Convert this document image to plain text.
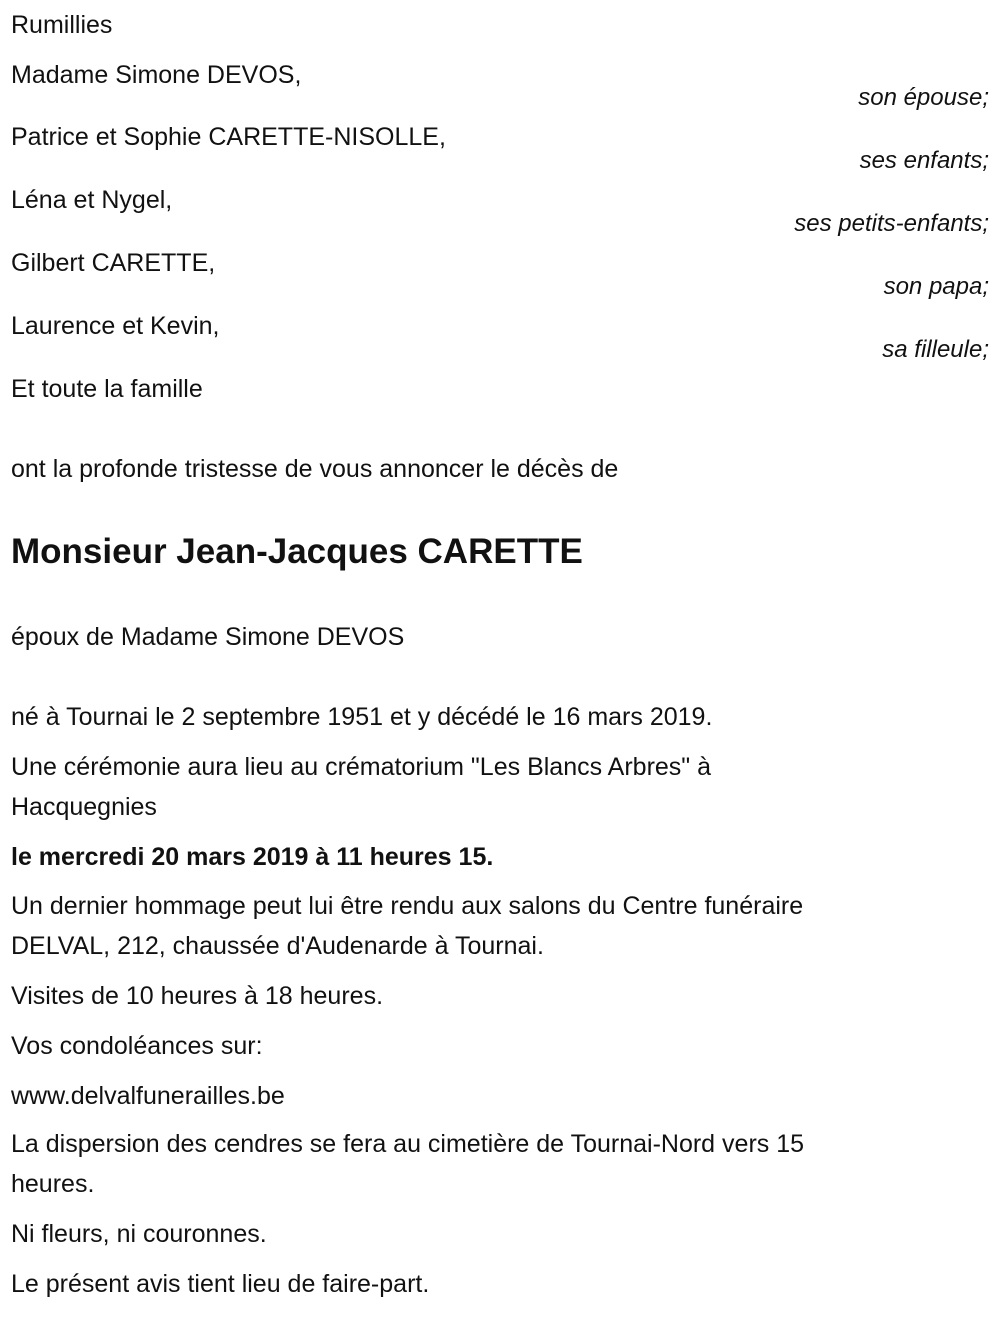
Rumillies
Madame Simone DEVOS,
son épouse;
Patrice et Sophie CARETTE-NISOLLE,
ses enfants;
Léna et Nygel,
ses petits-enfants;
Gilbert CARETTE,
son papa;
Laurence et Kevin,
sa filleule;
Et toute la famille
ont la profonde tristesse de vous annoncer le décès de
Monsieur Jean-Jacques CARETTE
époux de Madame Simone DEVOS
né à Tournai le 2 septembre 1951 et y décédé le 16 mars 2019.
Une cérémonie aura lieu au crématorium "Les Blancs Arbres" à
Hacquegnies
le mercredi 20 mars 2019 à 11 heures 15.
Un dernier hommage peut lui être rendu aux salons du Centre funéraire
DELVAL, 212, chaussée d'Audenarde à Tournai.
Visites de 10 heures à 18 heures.
Vos condoléances sur:
www.delvalfunerailles.be
La dispersion des cendres se fera au cimetière de Tournai-Nord vers 15
heures.
Ni fleurs, ni couronnes.
Le présent avis tient lieu de faire-part.
